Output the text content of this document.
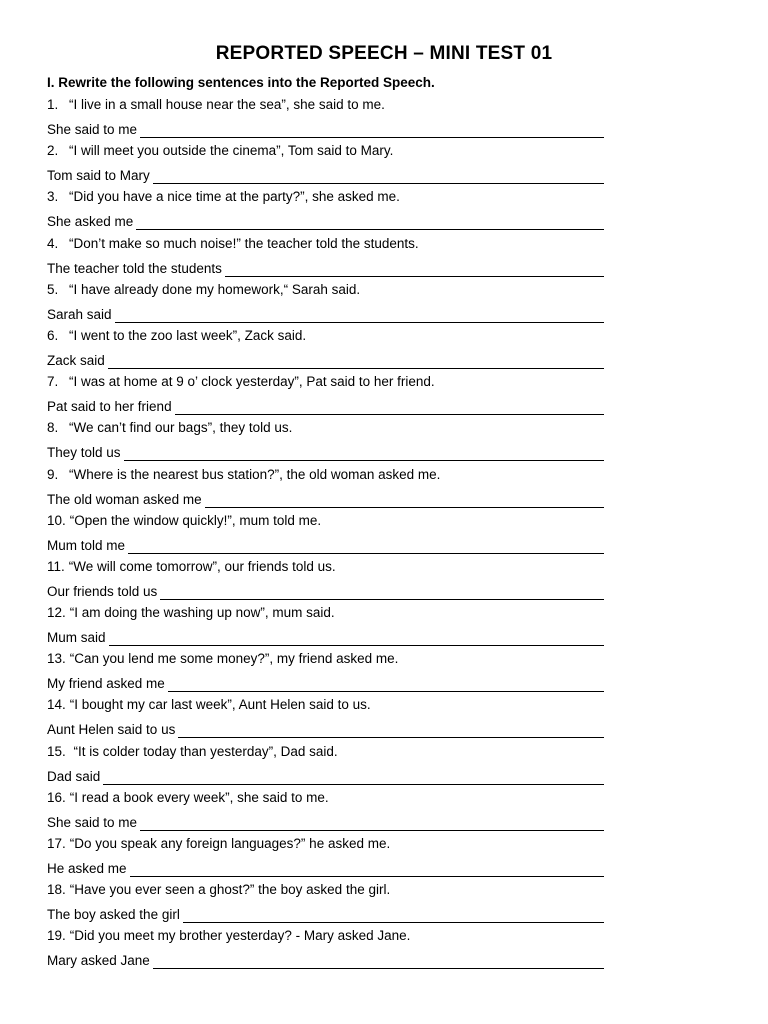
REPORTED SPEECH – MINI TEST 01
I. Rewrite the following sentences into the Reported Speech.
1. “I live in a small house near the sea”, she said to me.
She said to me
2. “I will meet you outside the cinema”, Tom said to Mary.
Tom said to Mary
3. “Did you have a nice time at the party?”, she asked me.
She asked me
4. “Don’t make so much noise!” the teacher told the students.
The teacher told the students
5. “I have already done my homework,“ Sarah said.
Sarah said
6. “I went to the zoo last week”, Zack said.
Zack said
7. “I was at home at 9 o’ clock yesterday”, Pat said to her friend.
Pat said to her friend
8. “We can’t find our bags”, they told us.
They told us
9. “Where is the nearest bus station?”, the old woman asked me.
The old woman asked me
10. “Open the window quickly!”, mum told me.
Mum told me
11. “We will come tomorrow”, our friends told us.
Our friends told us
12. “I am doing the washing up now”, mum said.
Mum said
13. “Can you lend me some money?”, my friend asked me.
My friend asked me
14. “I bought my car last week”, Aunt Helen said to us.
Aunt Helen said to us
15. “It is colder today than yesterday”, Dad said.
Dad said
16. “I read a book every week”, she said to me.
She said to me
17. “Do you speak any foreign languages?” he asked me.
He asked me
18. “Have you ever seen a ghost?” the boy asked the girl.
The boy asked the girl
19. “Did you meet my brother yesterday? - Mary asked Jane.
Mary asked Jane
